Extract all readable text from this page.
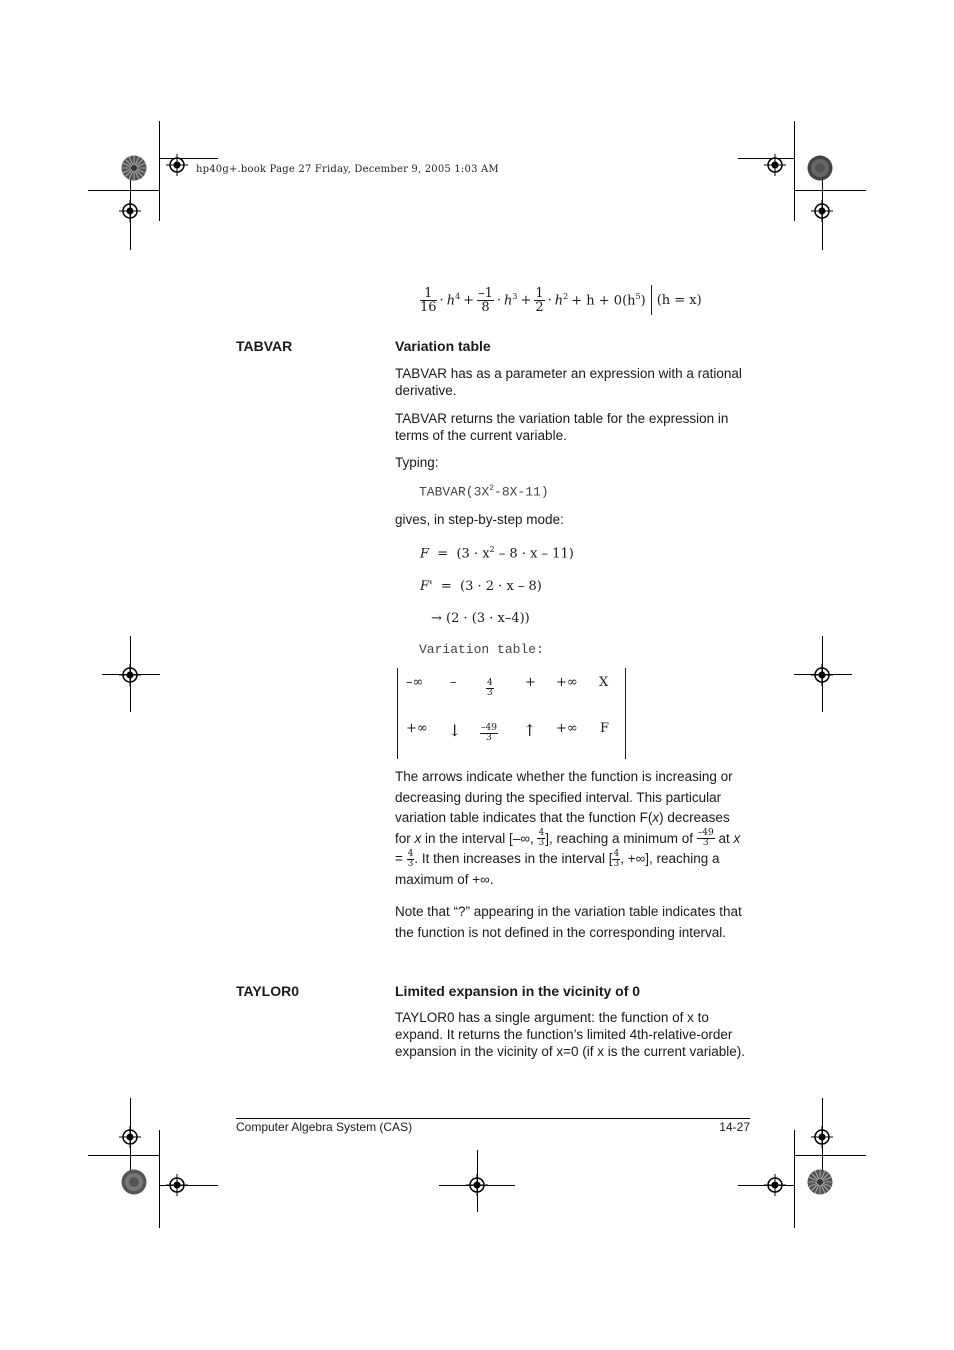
hp40g+.book Page 27 Friday, December 9, 2005 1:03 AM
$\frac{1}{16} \cdot h^4 + \frac{-1}{8} \cdot h^3 + \frac{1}{2} \cdot h^2 + h + 0(h^5) (h = x)$
TABVAR	Variation table
TABVAR has as a parameter an expression with a rational derivative.
TABVAR returns the variation table for the expression in terms of the current variable.
Typing:
$TABVAR(3X^2-8X-11)$
gives, in step-by-step mode:
$F = (3 \cdot x^2 - 8 \cdot x - 11)$
F' = (3 · 2 · x – 8)
→ (2 · (3 · x–4))
Variation table:
–∞ –	$\frac{4}{3}$ + +∞ X
+∞ ↓ $\frac{-49}{3}$ ↑ +∞ F
The arrows indicate whether the function is increasing or decreasing during the specified interval. This particular variation table indicates that the function F(x) decreases for x in the interval [–∞, $\frac{4}{3}$ ], reaching a minimum of $\frac{-49}{3}$ at $x = \frac{4}{3}$ . It then increases in the interval [ $\frac{4}{3}$ , +∞], reaching a maximum of +∞.
Note that “?” appearing in the variation table indicates that the function is not defined in the corresponding interval.
TAYLOR0	Limited expansion in the vicinity of 0
TAYLOR0 has a single argument: the function of x to expand. It returns the function’s limited 4th-relative-order expansion in the vicinity of x=0 (if x is the current variable).
Computer Algebra System (CAS)	14-27
